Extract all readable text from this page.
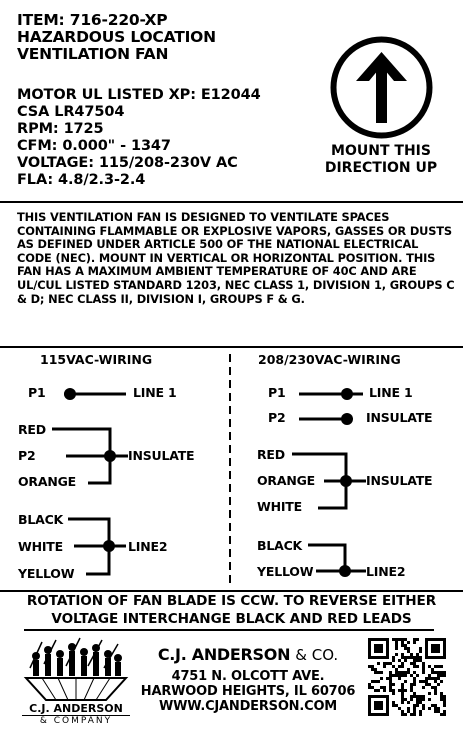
ITEM: 716-220-XP
HAZARDOUS LOCATION
VENTILATION FAN
MOTOR UL LISTED XP: E12044
CSA LR47504
RPM: 1725
CFM: 0.000" - 1347
VOLTAGE: 115/208-230V AC
FLA: 4.8/2.3-2.4
MOUNT THIS
DIRECTION UP
THIS VENTILATION FAN IS DESIGNED TO VENTILATE SPACES CONTAINING FLAMMABLE OR EXPLOSIVE VAPORS, GASSES OR DUSTS AS DEFINED UNDER ARTICLE 500 OF THE NATIONAL ELECTRICAL CODE (NEC). MOUNT IN VERTICAL OR HORIZONTAL POSITION. THIS FAN HAS A MAXIMUM AMBIENT TEMPERATURE OF 40C AND ARE UL/CUL LISTED STANDARD 1203, NEC CLASS 1, DIVISION 1, GROUPS C & D; NEC CLASS II, DIVISION I, GROUPS F & G.
115VAC-WIRING
P1	LINE 1
RED
P2
ORANGE
INSULATE
BLACK
WHITE
YELLOW
LINE2
208/230VAC-WIRING
P1	LINE 1
P2	INSULATE
RED
ORANGE
WHITE
INSULATE
BLACK
YELLOW	LINE2
ROTATION OF FAN BLADE IS CCW. TO REVERSE EITHER
VOLTAGE INTERCHANGE BLACK AND RED LEADS
C.J. ANDERSON
& COMPANY
C.J. ANDERSON & CO.
4751 N. OLCOTT AVE.
HARWOOD HEIGHTS, IL 60706
WWW.CJANDERSON.COM
